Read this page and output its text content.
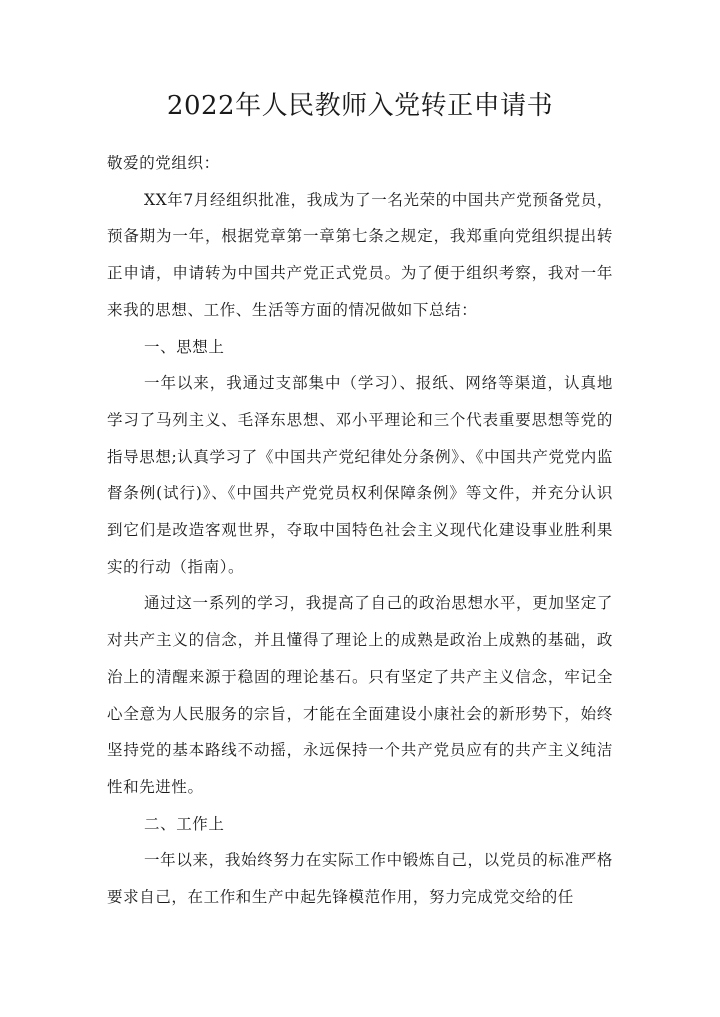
2022年人民教师入党转正申请书

敬爱的党组织：

XX年7月经组织批准，我成为了一名光荣的中国共产党预备党员，预备期为一年，根据党章第一章第七条之规定，我郑重向党组织提出转正申请，申请转为中国共产党正式党员。为了便于组织考察，我对一年来我的思想、工作、生活等方面的情况做如下总结：

一、思想上

一年以来，我通过支部集中（学习）、报纸、网络等渠道，认真地学习了马列主义、毛泽东思想、邓小平理论和三个代表重要思想等党的指导思想;认真学习了《中国共产党纪律处分条例》、《中国共产党党内监督条例(试行)》、《中国共产党党员权利保障条例》等文件，并充分认识到它们是改造客观世界，夺取中国特色社会主义现代化建设事业胜利果实的行动（指南）。

通过这一系列的学习，我提高了自己的政治思想水平，更加坚定了对共产主义的信念，并且懂得了理论上的成熟是政治上成熟的基础，政治上的清醒来源于稳固的理论基石。只有坚定了共产主义信念，牢记全心全意为人民服务的宗旨，才能在全面建设小康社会的新形势下，始终坚持党的基本路线不动摇，永远保持一个共产党员应有的共产主义纯洁性和先进性。

二、工作上

一年以来，我始终努力在实际工作中锻炼自己，以党员的标准严格要求自己，在工作和生产中起先锋模范作用，努力完成党交给的任
